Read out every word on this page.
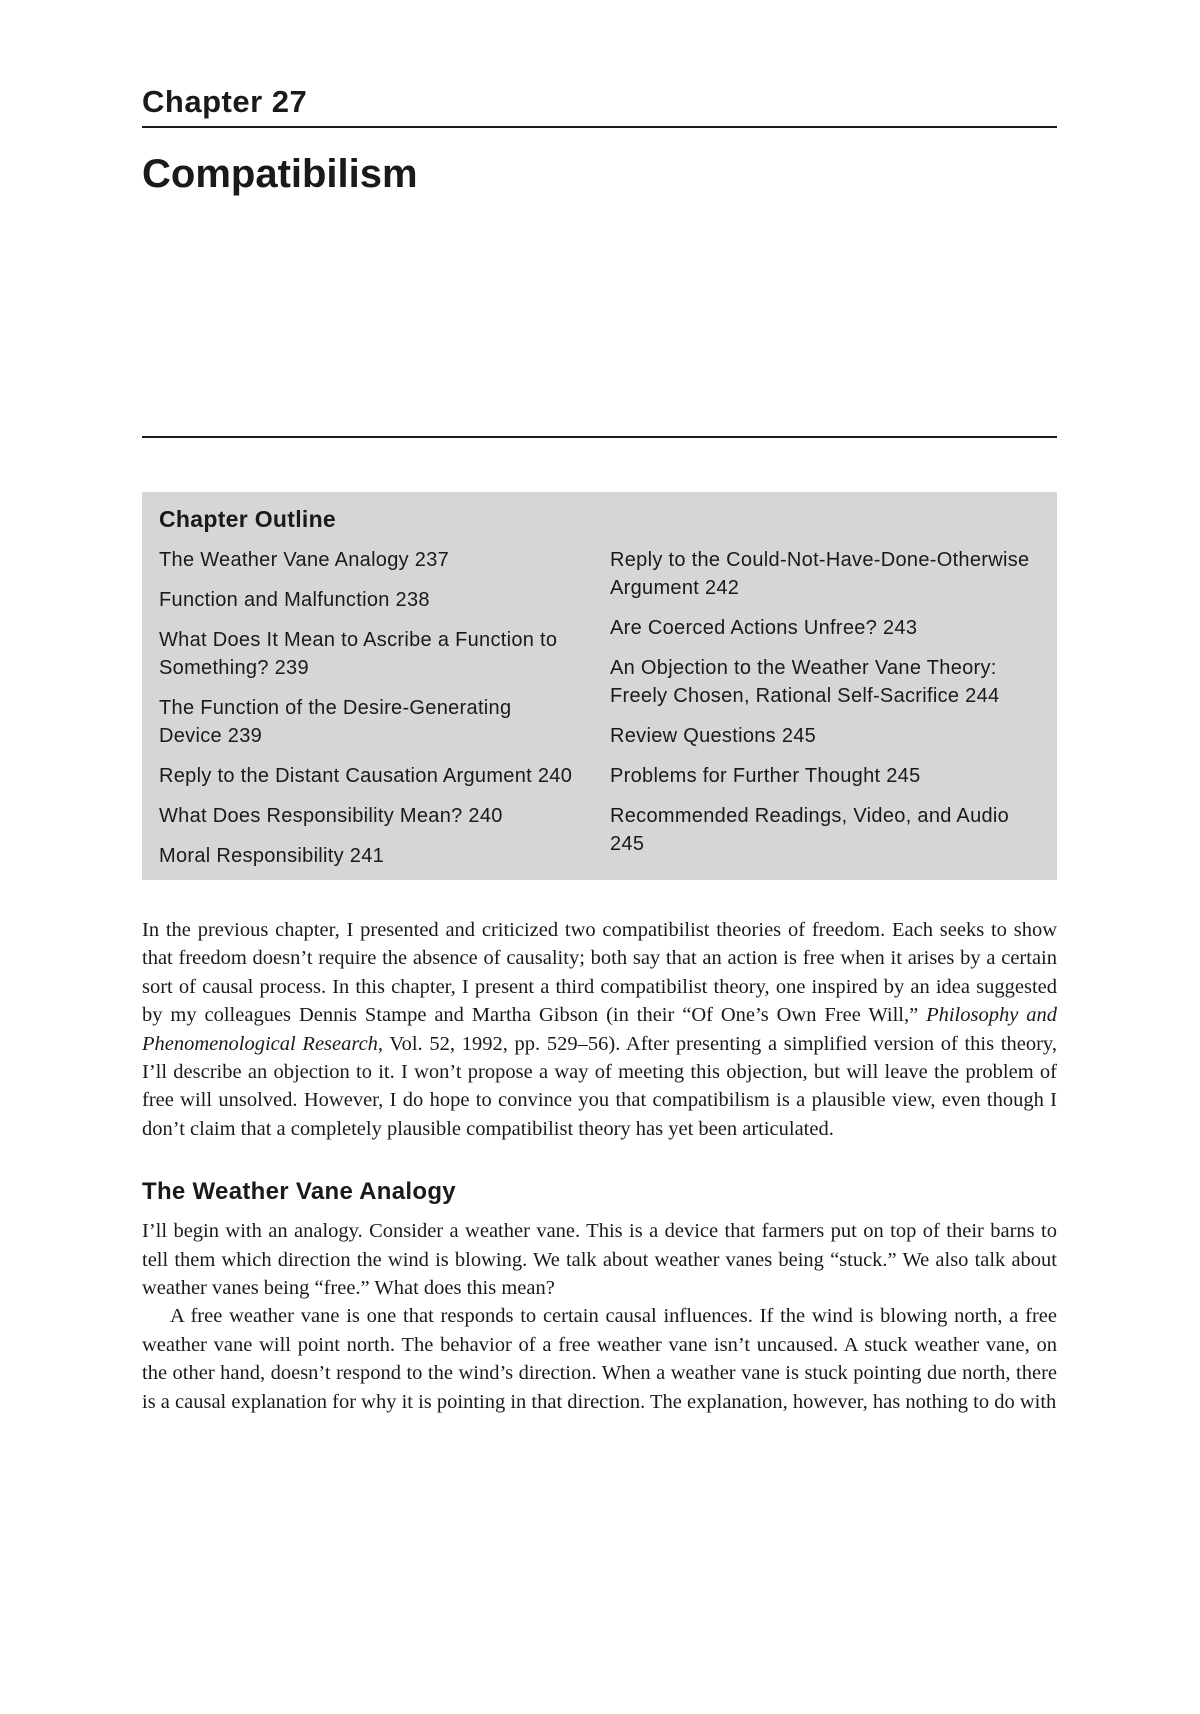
Chapter 27
Compatibilism
Chapter Outline
The Weather Vane Analogy 237
Function and Malfunction 238
What Does It Mean to Ascribe a Function to Something? 239
The Function of the Desire-Generating Device 239
Reply to the Distant Causation Argument 240
What Does Responsibility Mean? 240
Moral Responsibility 241
Reply to the Could-Not-Have-Done-Otherwise Argument 242
Are Coerced Actions Unfree? 243
An Objection to the Weather Vane Theory: Freely Chosen, Rational Self-Sacrifice 244
Review Questions 245
Problems for Further Thought 245
Recommended Readings, Video, and Audio 245

In the previous chapter, I presented and criticized two compatibilist theories of freedom. Each seeks to show that freedom doesn’t require the absence of causality; both say that an action is free when it arises by a certain sort of causal process. In this chapter, I present a third compatibilist theory, one inspired by an idea suggested by my colleagues Dennis Stampe and Martha Gibson (in their “Of One’s Own Free Will,” Philosophy and Phenomenological Research, Vol. 52, 1992, pp. 529–56). After presenting a simplified version of this theory, I’ll describe an objection to it. I won’t propose a way of meeting this objection, but will leave the problem of free will unsolved. However, I do hope to convince you that compatibilism is a plausible view, even though I don’t claim that a completely plausible compatibilist theory has yet been articulated.

The Weather Vane Analogy

I’ll begin with an analogy. Consider a weather vane. This is a device that farmers put on top of their barns to tell them which direction the wind is blowing. We talk about weather vanes being “stuck.” We also talk about weather vanes being “free.” What does this mean?

A free weather vane is one that responds to certain causal influences. If the wind is blowing north, a free weather vane will point north. The behavior of a free weather vane isn’t uncaused. A stuck weather vane, on the other hand, doesn’t respond to the wind’s direction. When a weather vane is stuck pointing due north, there is a causal explanation for why it is pointing in that direction. The explanation, however, has nothing to do with
